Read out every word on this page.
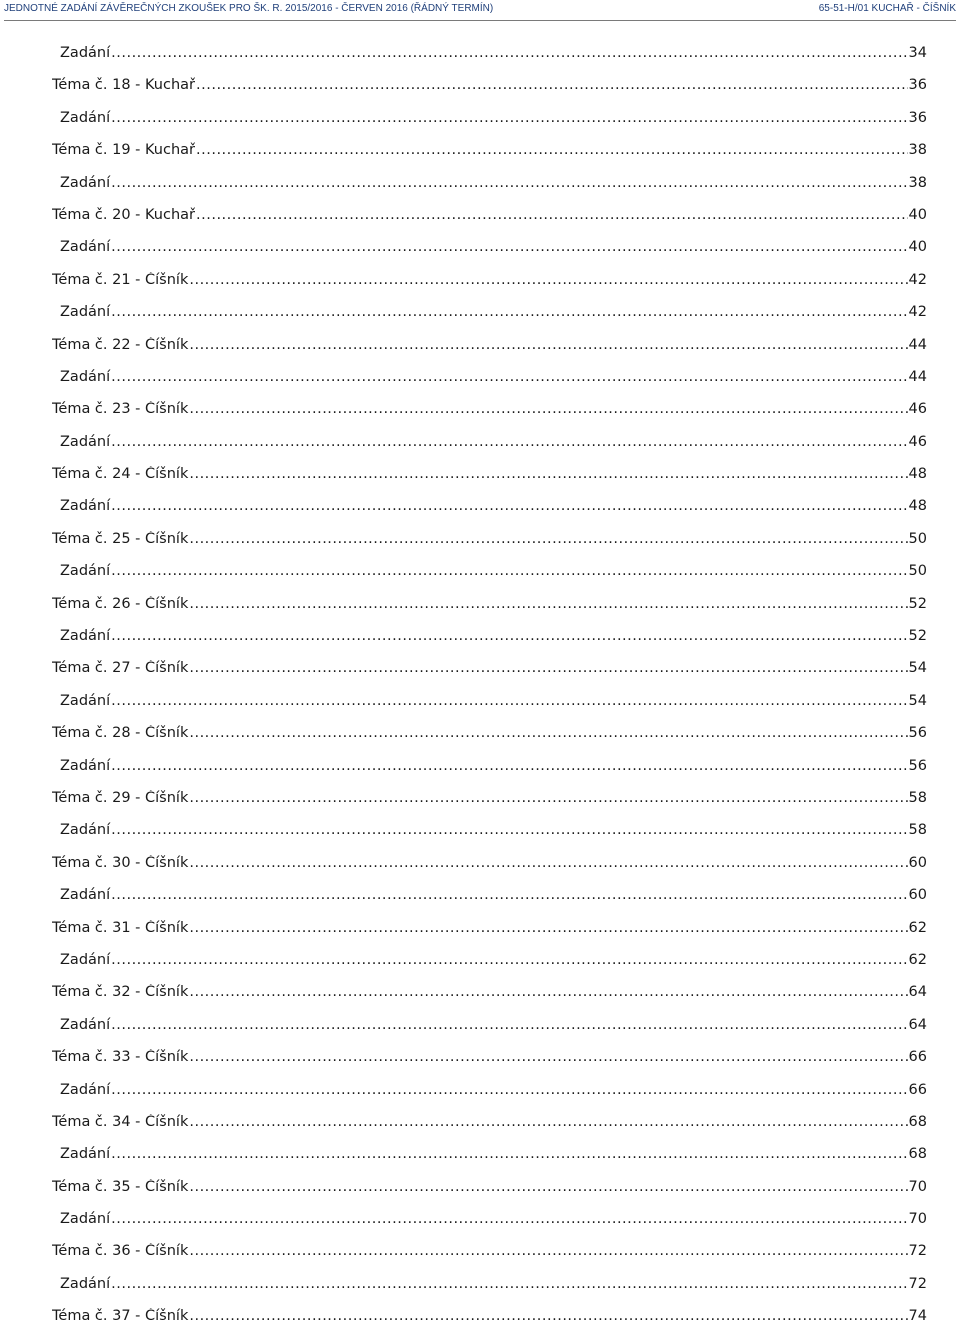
JEDNOTNÉ ZADÁNÍ ZÁVĚREČNÝCH ZKOUŠEK PRO ŠK. R. 2015/2016 - ČERVEN 2016 (ŘÁDNÝ TERMÍN)	65-51-H/01 KUCHAŘ - ČÍŠNÍK
Zadání .....	34
Téma č. 18 - Kuchař .....	36
Zadání .....	36
Téma č. 19 - Kuchař .....	38
Zadání .....	38
Téma č. 20 - Kuchař .....	40
Zadání .....	40
Téma č. 21 - Číšník .....	42
Zadání .....	42
Téma č. 22 - Číšník .....	44
Zadání .....	44
Téma č. 23 - Číšník .....	46
Zadání .....	46
Téma č. 24 - Číšník .....	48
Zadání .....	48
Téma č. 25 - Číšník .....	50
Zadání .....	50
Téma č. 26 - Číšník .....	52
Zadání .....	52
Téma č. 27 - Číšník .....	54
Zadání .....	54
Téma č. 28 - Číšník .....	56
Zadání .....	56
Téma č. 29 - Číšník .....	58
Zadání .....	58
Téma č. 30 - Číšník .....	60
Zadání .....	60
Téma č. 31 - Číšník .....	62
Zadání .....	62
Téma č. 32 - Číšník .....	64
Zadání .....	64
Téma č. 33 - Číšník .....	66
Zadání .....	66
Téma č. 34 - Číšník .....	68
Zadání .....	68
Téma č. 35 - Číšník .....	70
Zadání .....	70
Téma č. 36 - Číšník .....	72
Zadání .....	72
Téma č. 37 - Číšník .....	74
